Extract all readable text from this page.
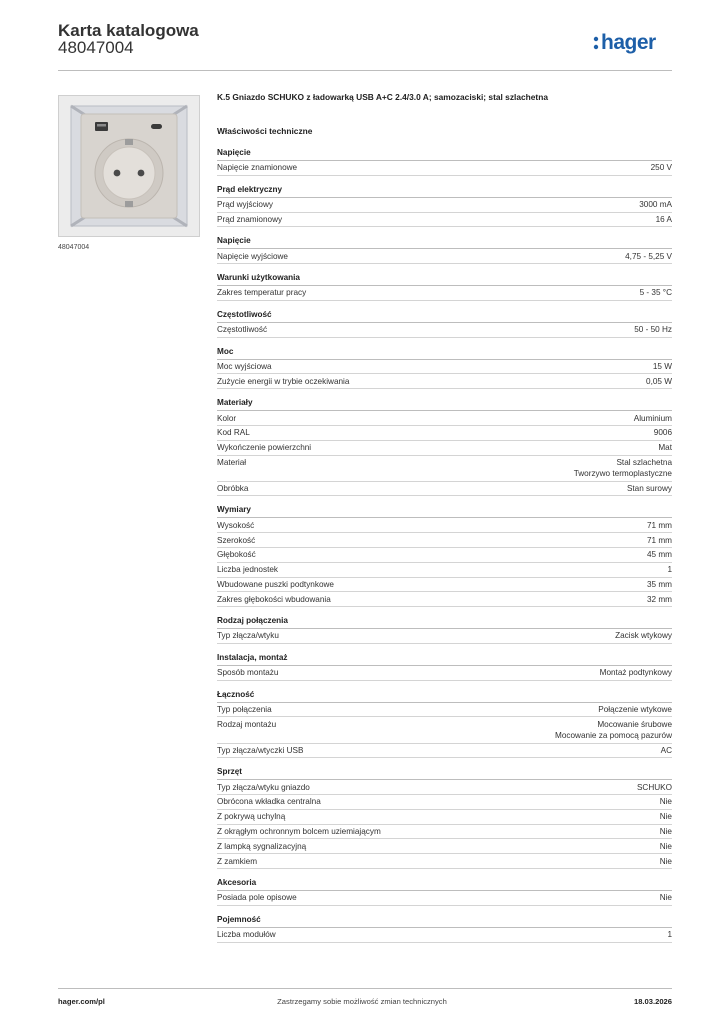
Karta katalogowa
48047004	hager
48047004
K.5 Gniazdo SCHUKO z ładowarką USB A+C 2.4/3.0 A; samozaciski; stal szlachetna
Właściwości techniczne
Napięcie
Napięcie znamionowe	250 V
Prąd elektryczny
Prąd wyjściowy	3000 mA
Prąd znamionowy	16 A
Napięcie
Napięcie wyjściowe	4,75 - 5,25 V
Warunki użytkowania
Zakres temperatur pracy	5 - 35 °C
Częstotliwość
Częstotliwość	50 - 50 Hz
Moc
Moc wyjściowa	15 W
Zużycie energii w trybie oczekiwania	0,05 W
Materiały
Kolor	Aluminium
Kod RAL	9006
Wykończenie powierzchni	Mat
Materiał	Stal szlachetna
Tworzywo termoplastyczne
Obróbka	Stan surowy
Wymiary
Wysokość	71 mm
Szerokość	71 mm
Głębokość	45 mm
Liczba jednostek	1
Wbudowane puszki podtynkowe	35 mm
Zakres głębokości wbudowania	32 mm
Rodzaj połączenia
Typ złącza/wtyku	Zacisk wtykowy
Instalacja, montaż
Sposób montażu	Montaż podtynkowy
Łączność
Typ połączenia	Połączenie wtykowe
Rodzaj montażu	Mocowanie śrubowe
Mocowanie za pomocą pazurów
Typ złącza/wtyczki USB	AC
Sprzęt
Typ złącza/wtyku gniazdo	SCHUKO
Obrócona wkładka centralna	Nie
Z pokrywą uchylną	Nie
Z okrągłym ochronnym bolcem uziemiającym	Nie
Z lampką sygnalizacyjną	Nie
Z zamkiem	Nie
Akcesoria
Posiada pole opisowe	Nie
Pojemność
Liczba modułów	1
hager.com/pl	Zastrzegamy sobie możliwość zmian technicznych	18.03.2026
